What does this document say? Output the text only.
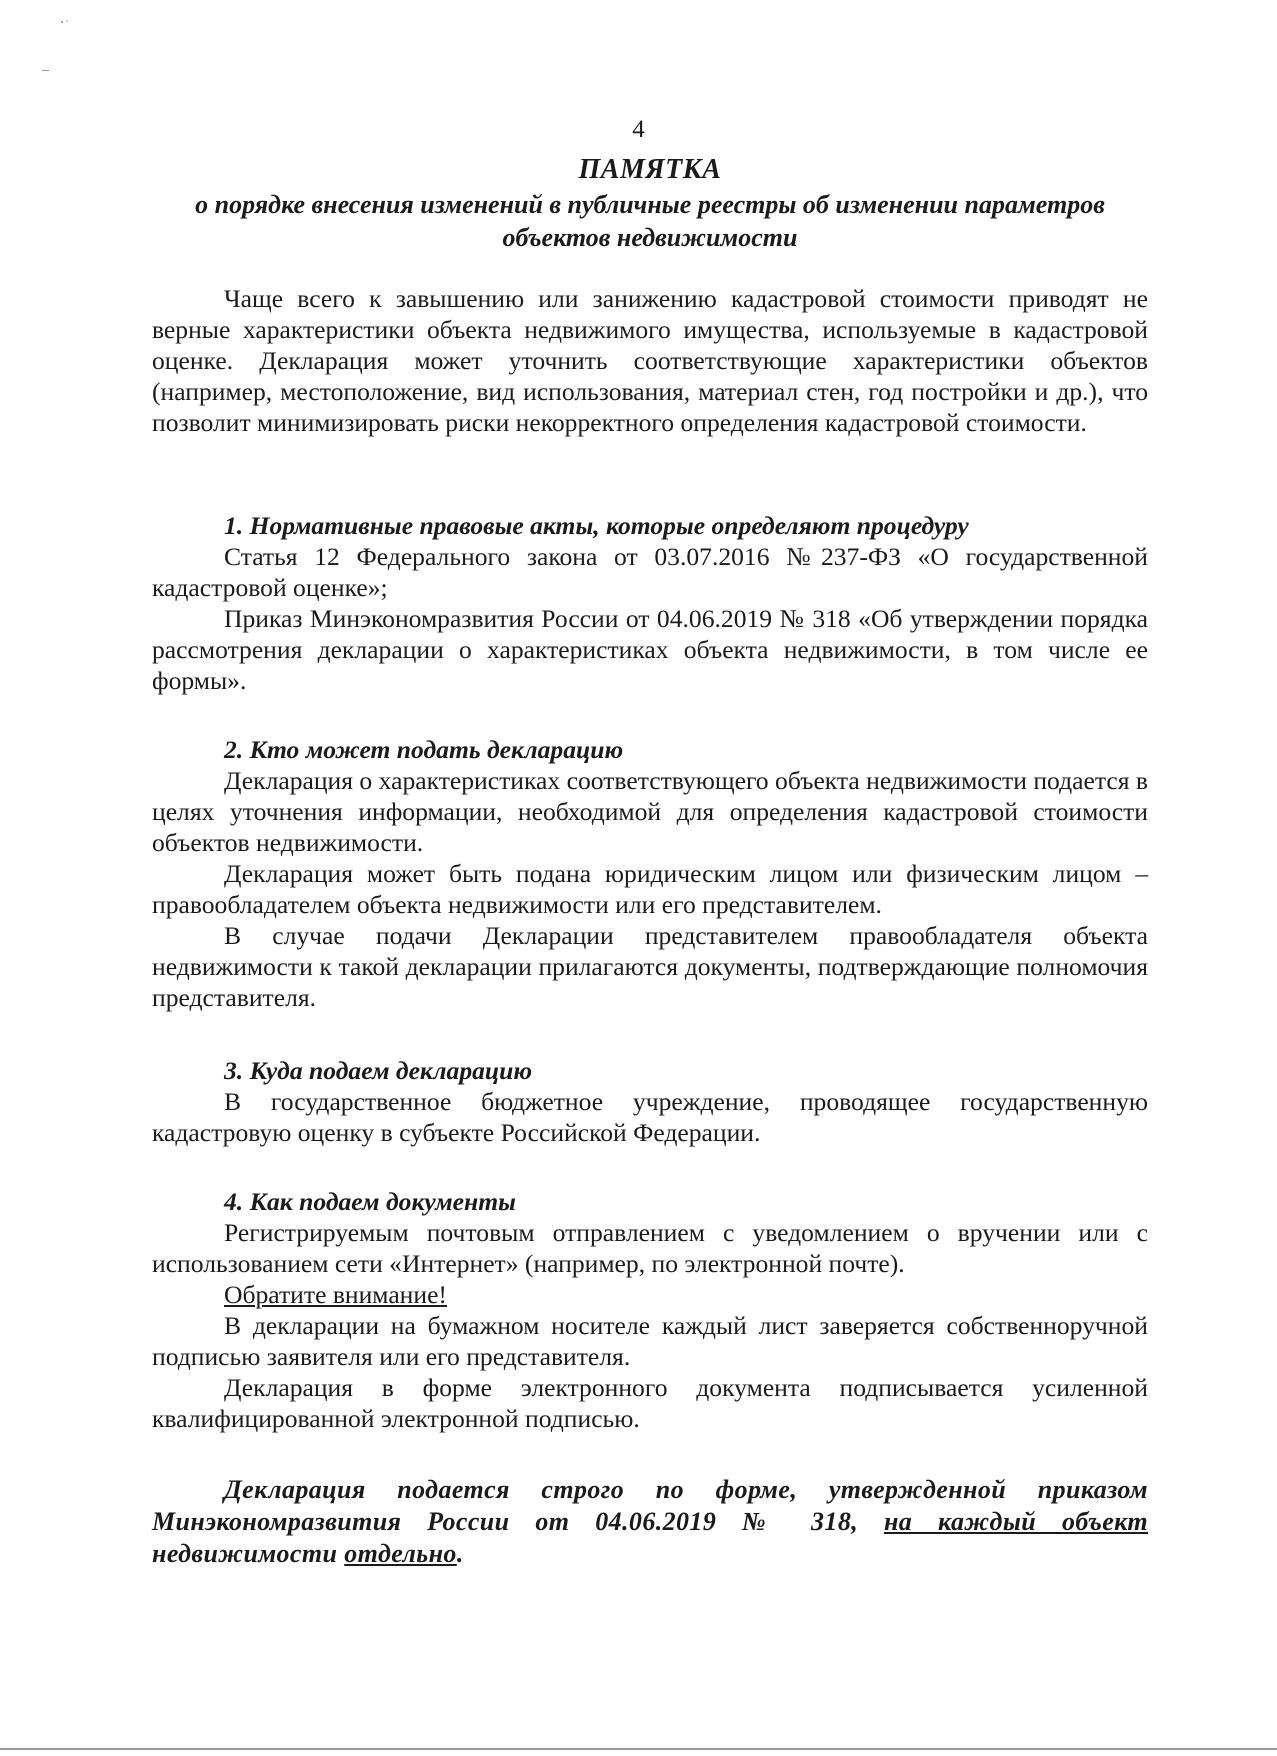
4
ПАМЯТКА
о порядке внесения изменений в публичные реестры об изменении параметров
объектов недвижимости

Чаще всего к завышению или занижению кадастровой стоимости приводят не верные характеристики объекта недвижимого имущества, используемые в кадастровой оценке. Декларация может уточнить соответствующие характеристики объектов (например, местоположение, вид использования, материал стен, год постройки и др.), что позволит минимизировать риски некорректного определения кадастровой стоимости.

1. Нормативные правовые акты, которые определяют процедуру

Статья 12 Федерального закона от 03.07.2016 №237-ФЗ «О государственной кадастровой оценке»;

Приказ Минэкономразвития России от 04.06.2019 № 318 «Об утверждении порядка рассмотрения декларации о характеристиках объекта недвижимости, в том числе ее формы».

2. Кто может подать декларацию

Декларация о характеристиках соответствующего объекта недвижимости подается в целях уточнения информации, необходимой для определения кадастровой стоимости объектов недвижимости.

Декларация может быть подана юридическим лицом или физическим лицом – правообладателем объекта недвижимости или его представителем.

В случае подачи Декларации представителем правообладателя объекта недвижимости к такой декларации прилагаются документы, подтверждающие полномочия представителя.

3. Куда подаем декларацию

В государственное бюджетное учреждение, проводящее государственную кадастровую оценку в субъекте Российской Федерации.

4. Как подаем документы

Регистрируемым почтовым отправлением с уведомлением о вручении или с использованием сети «Интернет» (например, по электронной почте).

Обратите внимание!

В декларации на бумажном носителе каждый лист заверяется собственноручной подписью заявителя или его представителя.

Декларация в форме электронного документа подписывается усиленной квалифицированной электронной подписью.

Декларация подается строго по форме, утвержденной приказом Минэкономразвития России от 04.06.2019 № 318, на каждый объект недвижимости отдельно.
